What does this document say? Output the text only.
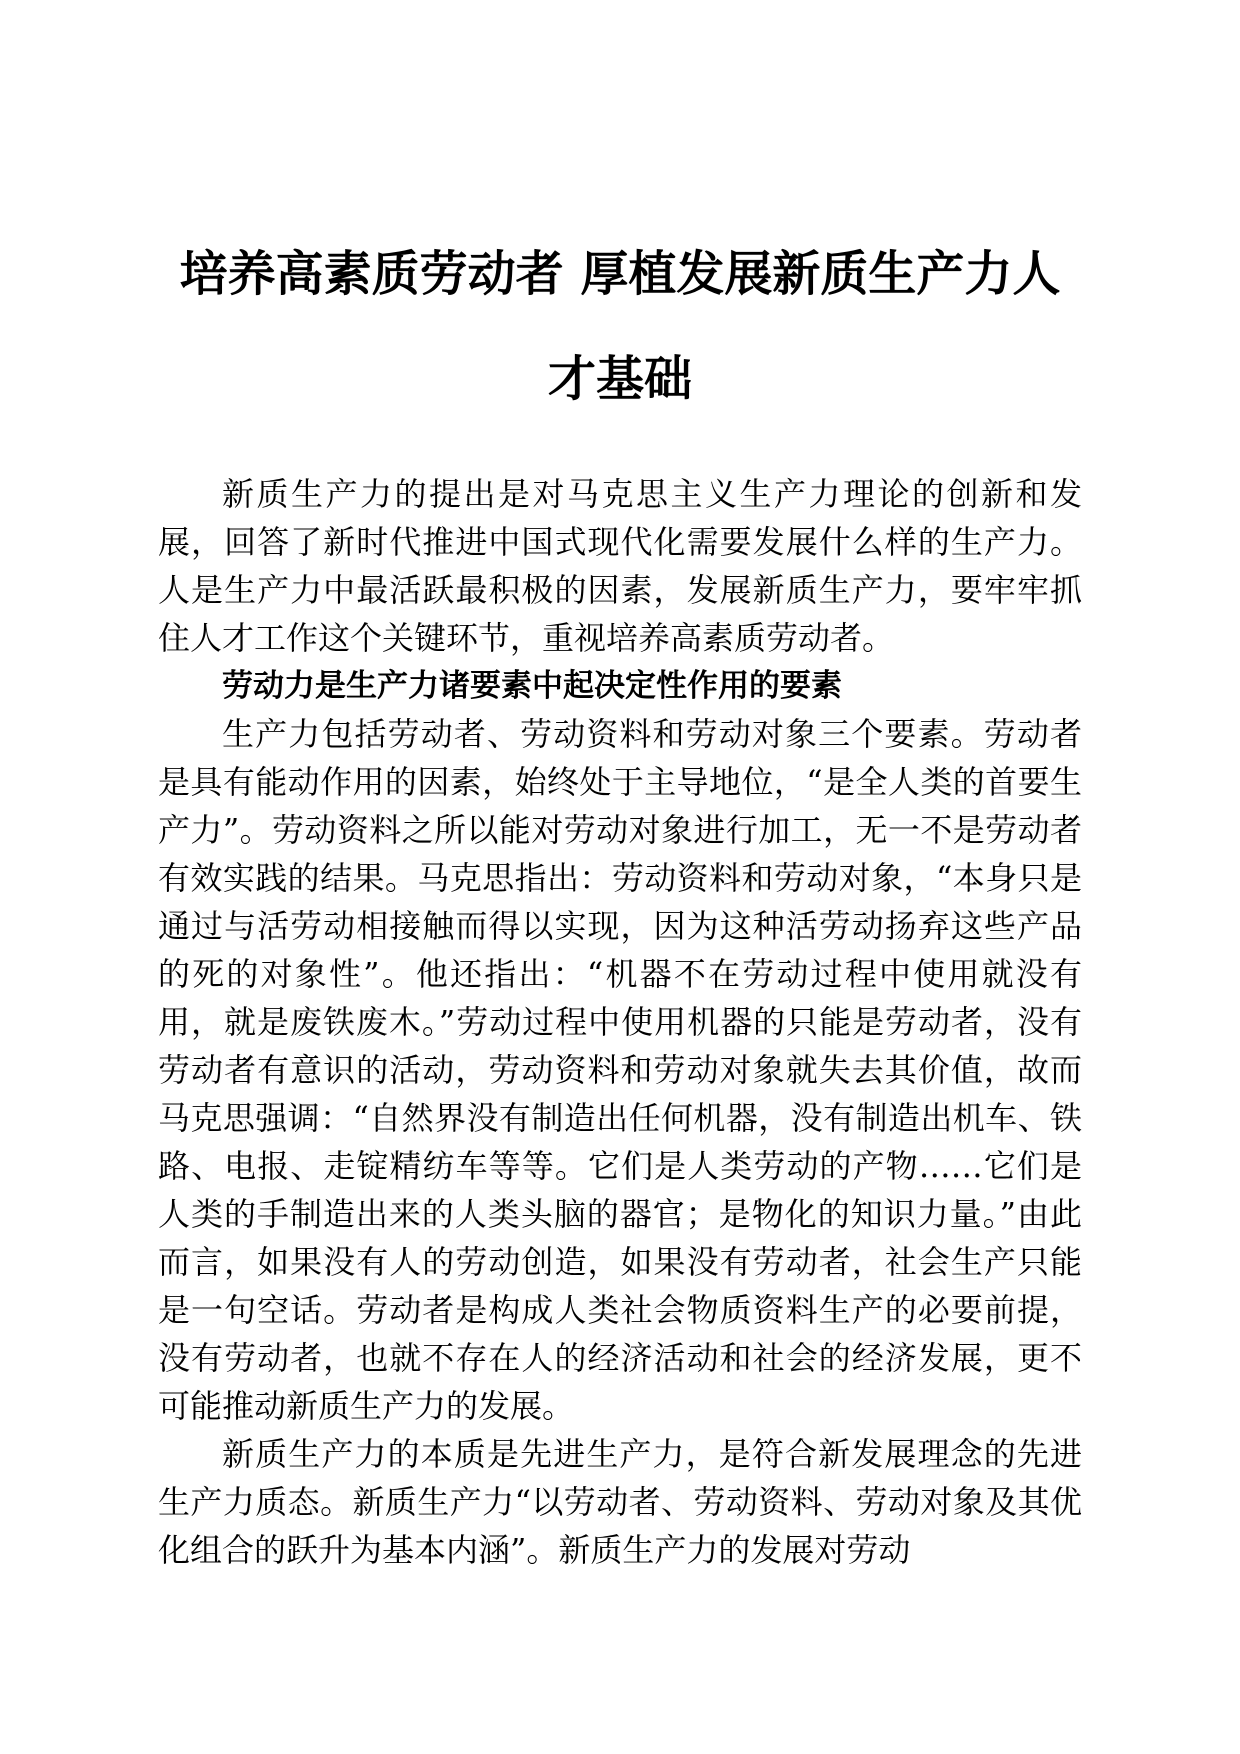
培养高素质劳动者 厚植发展新质生产力人
才基础

新质生产力的提出是对马克思主义生产力理论的创新和发展，回答了新时代推进中国式现代化需要发展什么样的生产力。人是生产力中最活跃最积极的因素，发展新质生产力，要牢牢抓住人才工作这个关键环节，重视培养高素质劳动者。

劳动力是生产力诸要素中起决定性作用的要素

生产力包括劳动者、劳动资料和劳动对象三个要素。劳动者是具有能动作用的因素，始终处于主导地位，“是全人类的首要生产力”。劳动资料之所以能对劳动对象进行加工，无一不是劳动者有效实践的结果。马克思指出：劳动资料和劳动对象，“本身只是通过与活劳动相接触而得以实现，因为这种活劳动扬弃这些产品的死的对象性”。他还指出：“机器不在劳动过程中使用就没有用，就是废铁废木。”劳动过程中使用机器的只能是劳动者，没有劳动者有意识的活动，劳动资料和劳动对象就失去其价值，故而马克思强调：“自然界没有制造出任何机器，没有制造出机车、铁路、电报、走锭精纺车等等。它们是人类劳动的产物……它们是人类的手制造出来的人类头脑的器官；是物化的知识力量。”由此而言，如果没有人的劳动创造，如果没有劳动者，社会生产只能是一句空话。劳动者是构成人类社会物质资料生产的必要前提，没有劳动者，也就不存在人的经济活动和社会的经济发展，更不可能推动新质生产力的发展。

新质生产力的本质是先进生产力，是符合新发展理念的先进生产力质态。新质生产力“以劳动者、劳动资料、劳动对象及其优化组合的跃升为基本内涵”。新质生产力的发展对劳动
